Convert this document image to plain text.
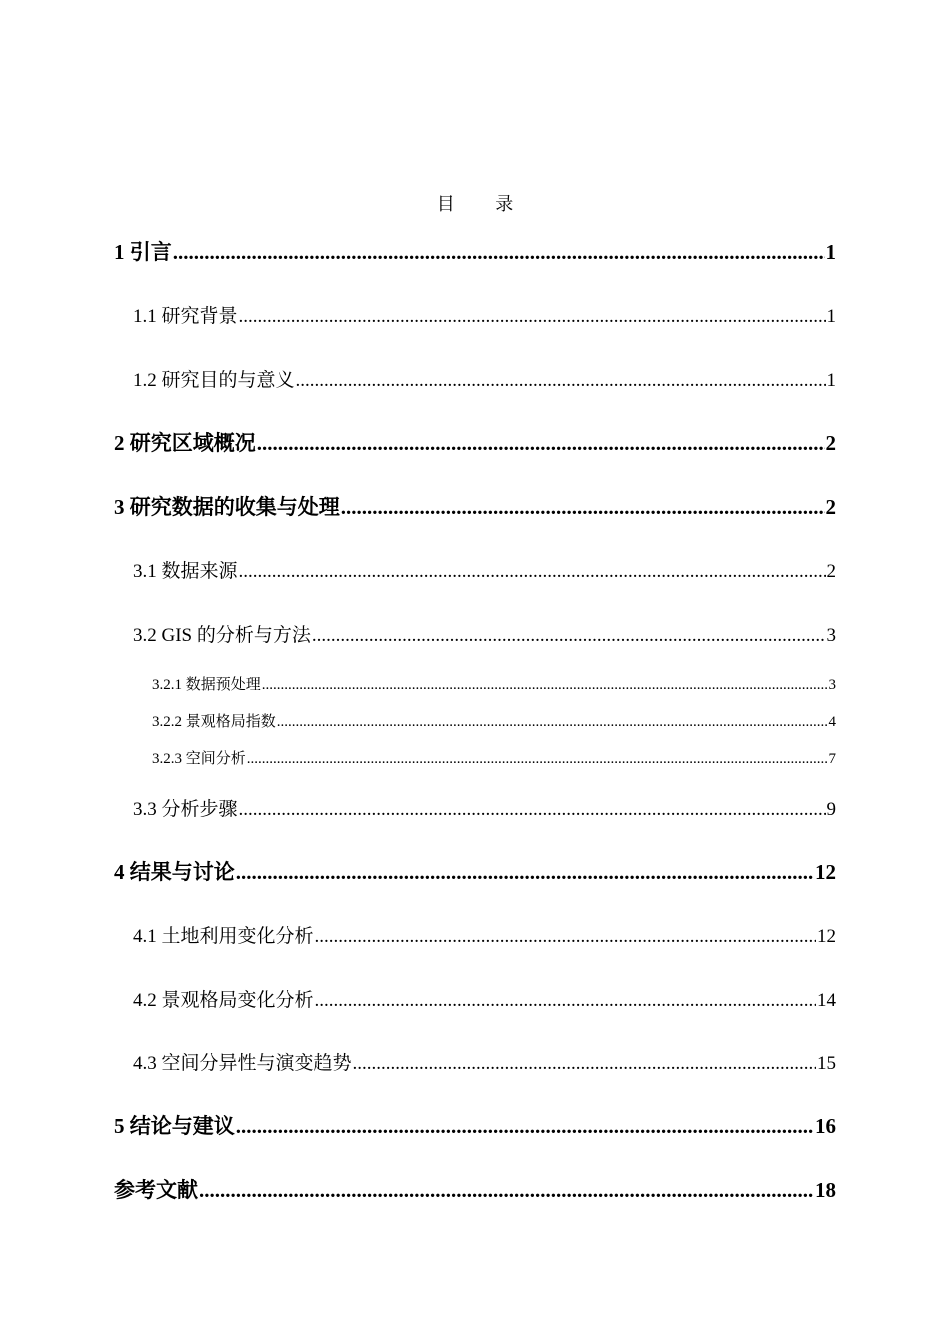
目 录
1 引言 .....	1
1.1 研究背景 .....	1
1.2 研究目的与意义 .....	1
2 研究区域概况 .....	2
3 研究数据的收集与处理 .....	2
3.1 数据来源 .....	2
3.2 GIS 的分析与方法 .....	3
3.2.1 数据预处理 .....	3
3.2.2 景观格局指数 .....	4
3.2.3 空间分析 .....	7
3.3 分析步骤 .....	9
4 结果与讨论 .....	12
4.1 土地利用变化分析 .....	12
4.2 景观格局变化分析 .....	14
4.3 空间分异性与演变趋势 .....	15
5 结论与建议 .....	16
参考文献 .....	18
